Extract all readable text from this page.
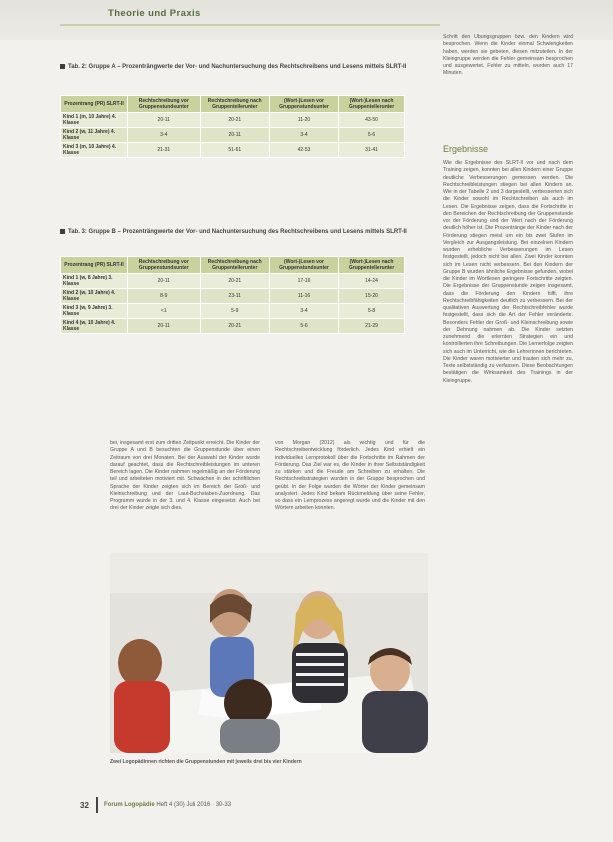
Theorie und Praxis
Tab. 2: Gruppe A – Prozenträngwerte der Vor- und Nachuntersuchung des Rechtschreibens und Lesens mittels SLRT-II
Prozentrang (PR) SLRT-II	Rechtschreibung vor Gruppenstundsunter	Rechtschreibung nach Gruppentellerunter	(Wort-)Lesen vor Gruppenstundsunter	(Wort-)Lesen nach Gruppentellerunter
Kind 1 (m, 10 Jahre) 4. Klasse	20-11	20-21	11-20	43-50
Kind 2 (w, 11 Jahre) 4. Klasse	3-4	20-11	3-4	5-6
Kind 3 (m, 10 Jahre) 4. Klasse	21-31	51-61	42-53	31-41
Tab. 3: Gruppe B – Prozenträngwerte der Vor- und Nachuntersuchung des Rechtschreibens und Lesens mittels SLRT-II
Prozentrang (PR) SLRT-II	Rechtschreibung vor Gruppenstundsunter	Rechtschreibung nach Gruppentellerunter	(Wort-)Lesen vor Gruppenstundsunter	(Wort-)Lesen nach Gruppentellerunter
Kind 1 (w, 8 Jahre) 3. Klasse	20-11	20-21	17-16	14-24
Kind 2 (w, 10 Jahre) 4. Klasse	8-9	23-11	11-16	15-20
Kind 3 (w, 9 Jahre) 3. Klasse	<1	5-9	3-4	5-8
Kind 4 (w, 10 Jahre) 4. Klasse	20-11	20-21	5-6	21-29
Schritt den Übungsgruppen bzw. den Kindern wird besprochen. Wenn die Kinder einmal Schwierigkeiten haben, werden sie gebeten, diesen mitzuteilen. In der Kleingruppe werden die Fehler gemeinsam besprochen und ausgewertet. Fehler zu mitteln, wurden auch 17 Minuten.
Ergebnisse
Wie die Ergebnisse des SLRT-II vor und nach dem Training zeigen, konnten bei allen Kindern einer Gruppe deutliche Verbesserungen gemessen werden. Die Rechtschreibleistungen stiegen bei allen Kindern an. Wie in der Tabelle 2 und 3 dargestellt, verbesserten sich die Kinder sowohl im Rechtschreiben als auch im Lesen. Die Ergebnisse zeigen, dass die Fortschritte in den Bereichen der Rechtschreibung der Gruppenstunde vor der Förderung und der Wert nach der Förderung deutlich höher ist. Die Prozentränge der Kinder nach der Förderung stiegen meist um ein bis zwei Stufen im Vergleich zur Ausgangsleistung. Bei einzelnen Kindern wurden erhebliche Verbesserungen im Lesen festgestellt, jedoch nicht bei allen. Zwei Kinder konnten sich im Lesen nicht verbessern. Bei den Kindern der Gruppe B wurden ähnliche Ergebnisse gefunden, wobei die Kinder im Wortlesen geringere Fortschritte zeigten. Die Ergebnisse der Gruppenstunde zeigen insgesamt, dass die Förderung den Kindern hilft, ihre Rechtschreibfähigkeiten deutlich zu verbessern. Bei der qualitativen Auswertung der Rechtschreibfehler wurde festgestellt, dass sich die Art der Fehler veränderte. Besonders Fehler der Groß- und Kleinschreibung sowie der Dehnung nahmen ab. Die Kinder setzten zunehmend die erlernten Strategien ein und kontrollierten ihre Schreibungen. Die Lernerfolge zeigten sich auch im Unterricht, wie die Lehrerinnen berichteten. Die Kinder waren motivierter und trauten sich mehr zu, Texte selbstständig zu verfassen. Diese Beobachtungen bestätigen die Wirksamkeit des Trainings in der Kleingruppe.
bei, insgesamt erst zum dritten Zeitpunkt erreicht. Die Kinder der Gruppe A und B besuchten die Gruppenstunde über einen Zeitraum von drei Monaten. Bei der Auswahl der Kinder wurde darauf geachtet, dass die Rechtschreibleistungen im unteren Bereich lagen. Die Kinder nahmen regelmäßig an der Förderung teil und arbeiteten motiviert mit. Schwächen in der schriftlichen Sprache der Kinder zeigten sich im Bereich der Groß- und Kleinschreibung und der Laut-Buchstaben-Zuordnung. Das Programm wurde in der 3. und 4. Klasse eingesetzt. Auch bei drei der Kinder zeigte sich dies.
von Morgan (2012) als wichtig und für die Rechtschreibentwicklung förderlich. Jedes Kind erhielt ein individuelles Lernprotokoll über die Fortschritte im Rahmen der Förderung. Das Ziel war es, die Kinder in ihrer Selbstständigkeit zu stärken und die Freude am Schreiben zu erhalten. Die Rechtschreibstrategien wurden in der Gruppe besprochen und geübt. In der Folge wurden die Wörter der Kinder gemeinsam analysiert. Jedes Kind bekam Rückmeldung über seine Fehler, so dass ein Lernprozess angeregt wurde und die Kinder mit den Wörtern arbeiten konnten.
Zwei Logopädinnen richten die Gruppenstunden mit jeweils drei bis vier Kindern
32	Forum Logopädie Heft 4 (30) Juli 2016 · 30-33
